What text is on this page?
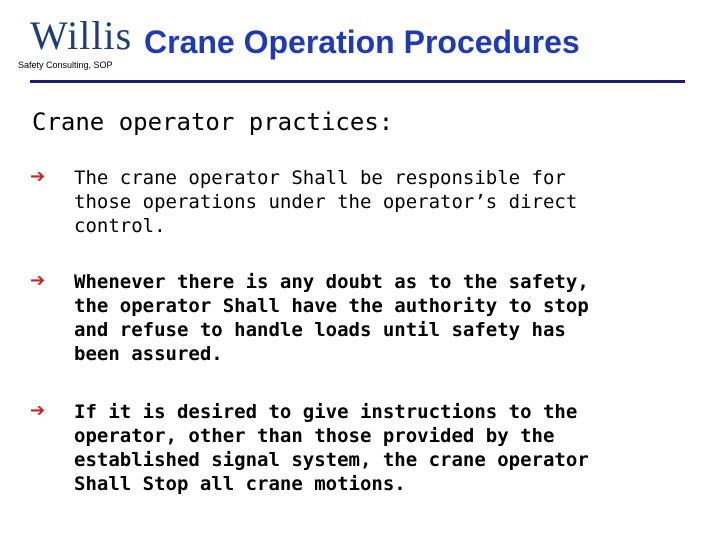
Willis
Safety Consulting, SOP
Crane Operation Procedures
Crane operator practices:
➔ The crane operator Shall be responsible for
those operations under the operator’s direct
control.
➔ Whenever there is any doubt as to the safety,
the operator Shall have the authority to stop
and refuse to handle loads until safety has
been assured.
➔ If it is desired to give instructions to the
operator, other than those provided by the
established signal system, the crane operator
Shall Stop all crane motions.
